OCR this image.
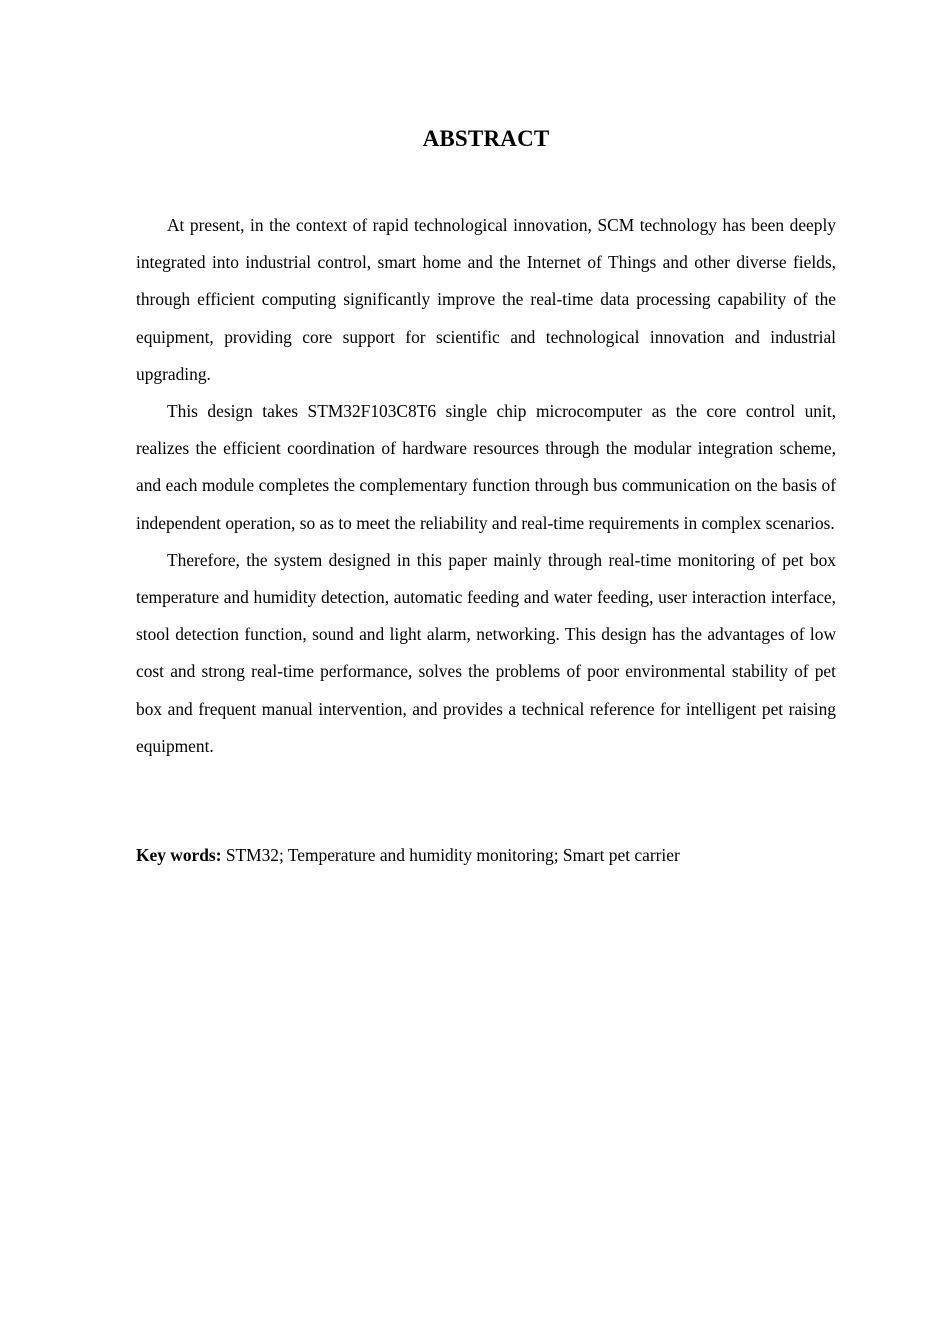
ABSTRACT

At present, in the context of rapid technological innovation, SCM technology has been deeply integrated into industrial control, smart home and the Internet of Things and other diverse fields, through efficient computing significantly improve the real-time data processing capability of the equipment, providing core support for scientific and technological innovation and industrial upgrading.

This design takes STM32F103C8T6 single chip microcomputer as the core control unit, realizes the efficient coordination of hardware resources through the modular integration scheme, and each module completes the complementary function through bus communication on the basis of independent operation, so as to meet the reliability and real-time requirements in complex scenarios.

Therefore, the system designed in this paper mainly through real-time monitoring of pet box temperature and humidity detection, automatic feeding and water feeding, user interaction interface, stool detection function, sound and light alarm, networking. This design has the advantages of low cost and strong real-time performance, solves the problems of poor environmental stability of pet box and frequent manual intervention, and provides a technical reference for intelligent pet raising equipment.

Key words: STM32; Temperature and humidity monitoring; Smart pet carrier
